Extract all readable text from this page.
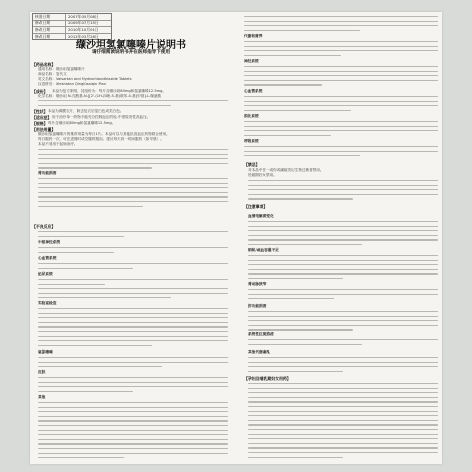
核准日期	2007年05月08日
修改日期	2009年07月15日
修改日期	2010年10月01日
修改日期	2012年03月26日
缬沙坦氢氯噻嗪片说明书
请仔细阅读说明书并在医师指导下使用
【药品名称】
通用名称：缬沙坦氢氯噻嗪片
商品名称：复代文
英文名称：Valsartan and Hydrochlorothiazide Tablets
汉语拼音：Xieshatan Qinglüsaiqin Pian
【成份】 本品为复方制剂，其组份为：每片含缬沙坦80mg和氢氯噻嗪12.5mg。
化学名称：缬沙坦 N-戊酰基-N-[[2'-(1H-四唑-5-基)联苯-4-基]甲基]-L-缬氨酸
【性状】 本品为薄膜衣片，除去包衣后显白色或类白色。
【适应症】 用于治疗单一药物不能充分控制血压的轻-中度原发性高血压。
【规格】 每片含缬沙坦80mg和氢氯噻嗪12.5mg。
【用法用量】
缬沙坦氢氯噻嗪片的推荐剂量为每日1片。本品可以与其他抗高血压药物联合使用。
每日服药一次，可在进餐时或空腹时服用。建议每天同一时间服药（如早晨）。
本品不适用于起始治疗。
肾功能损害
【不良反应】
中枢神经系统
心血管系统
泌尿系统
实验室检查
氢氯噻嗪
皮肤
其他
代谢和营养
神经系统
心血管系统
消化系统
呼吸系统
【禁忌】
对本品中任一成份或磺胺类衍生物过敏者禁用。
妊娠期妇女禁用。
【注意事项】
血清电解质变化
钠和/或血容量不足
肾动脉狭窄
肝功能损害
系统性红斑狼疮
其他代谢紊乱
【孕妇及哺乳期妇女用药】
